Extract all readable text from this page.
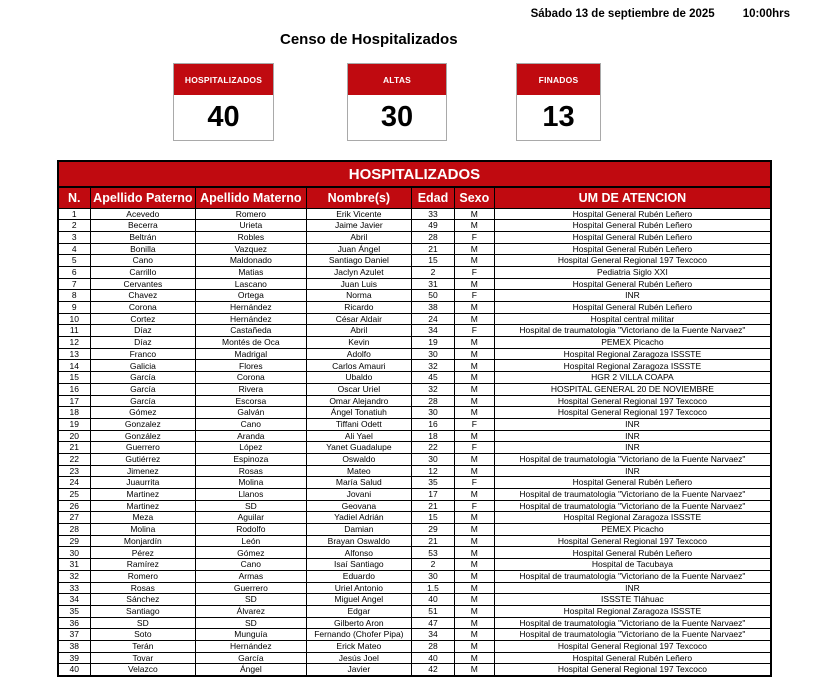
Sábado 13 de septiembre de 2025 10:00hrs
Censo de Hospitalizados
HOSPITALIZADOS
40
ALTAS
30
FINADOS
13
HOSPITALIZADOS						
N.	Apellido Paterno	Apellido Materno	Nombre(s)	Edad	Sexo	UM DE ATENCION
1	Acevedo	Romero	Erik Vicente	33	M	Hospital General Rubén Leñero
2	Becerra	Urieta	Jaime Javier	49	M	Hospital General Rubén Leñero
3	Beltrán	Robles	Abril	28	F	Hospital General Rubén Leñero
4	Bonilla	Vazquez	Juan Ángel	21	M	Hospital General Rubén Leñero
5	Cano	Maldonado	Santiago Daniel	15	M	Hospital General Regional 197 Texcoco
6	Carrillo	Matias	Jaclyn Azulet	2	F	Pediatria Siglo XXI
7	Cervantes	Lascano	Juan Luis	31	M	Hospital General Rubén Leñero
8	Chavez	Ortega	Norma	50	F	INR
9	Corona	Hernández	Ricardo	38	M	Hospital General Rubén Leñero
10	Cortez	Hernández	César Aldair	24	M	Hospital central militar
11	Díaz	Castañeda	Abril	34	F	Hospital de traumatologia "Victoriano de la Fuente Narvaez"
12	Díaz	Montés de Oca	Kevin	19	M	PEMEX Picacho
13	Franco	Madrigal	Adolfo	30	M	Hospital Regional Zaragoza ISSSTE
14	Galicia	Flores	Carlos Amauri	32	M	Hospital Regional Zaragoza ISSSTE
15	García	Corona	Ubaldo	45	M	HGR 2 VILLA COAPA
16	García	Rivera	Oscar Uriel	32	M	HOSPITAL GENERAL 20 DE NOVIEMBRE
17	García	Escorsa	Omar Alejandro	28	M	Hospital General Regional 197 Texcoco
18	Gómez	Galván	Ángel Tonatiuh	30	M	Hospital General Regional 197 Texcoco
19	Gonzalez	Cano	Tiffani Odett	16	F	INR
20	González	Aranda	Ali Yael	18	M	INR
21	Guerrero	López	Yanet Guadalupe	22	F	INR
22	Gutiérrez	Espinoza	Oswaldo	30	M	Hospital de traumatologia "Victoriano de la Fuente Narvaez"
23	Jimenez	Rosas	Mateo	12	M	INR
24	Juaurrita	Molina	María Salud	35	F	Hospital General Rubén Leñero
25	Martinez	Llanos	Jovani	17	M	Hospital de traumatologia "Victoriano de la Fuente Narvaez"
26	Martinez	SD	Geovana	21	F	Hospital de traumatologia "Victoriano de la Fuente Narvaez"
27	Meza	Aguilar	Yadiel Adrián	15	M	Hospital Regional Zaragoza ISSSTE
28	Molina	Rodolfo	Damian	29	M	PEMEX Picacho
29	Monjardín	León	Brayan Oswaldo	21	M	Hospital General Regional 197 Texcoco
30	Pérez	Gómez	Alfonso	53	M	Hospital General Rubén Leñero
31	Ramírez	Cano	Isaí Santiago	2	M	Hospital de Tacubaya
32	Romero	Armas	Eduardo	30	M	Hospital de traumatologia "Victoriano de la Fuente Narvaez"
33	Rosas	Guerrero	Uriel Antonio	1.5	M	INR
34	Sánchez	SD	Miguel Angel	40	M	ISSSTE Tláhuac
35	Santiago	Álvarez	Edgar	51	M	Hospital Regional Zaragoza ISSSTE
36	SD	SD	Gilberto Aron	47	M	Hospital de traumatologia "Victoriano de la Fuente Narvaez"
37	Soto	Munguía	Fernando (Chofer Pipa)	34	M	Hospital de traumatologia "Victoriano de la Fuente Narvaez"
38	Terán	Hernández	Erick Mateo	28	M	Hospital General Regional 197 Texcoco
39	Tovar	García	Jesús Joel	40	M	Hospital General Rubén Leñero
40	Velazco	Ángel	Javier	42	M	Hospital General Regional 197 Texcoco
